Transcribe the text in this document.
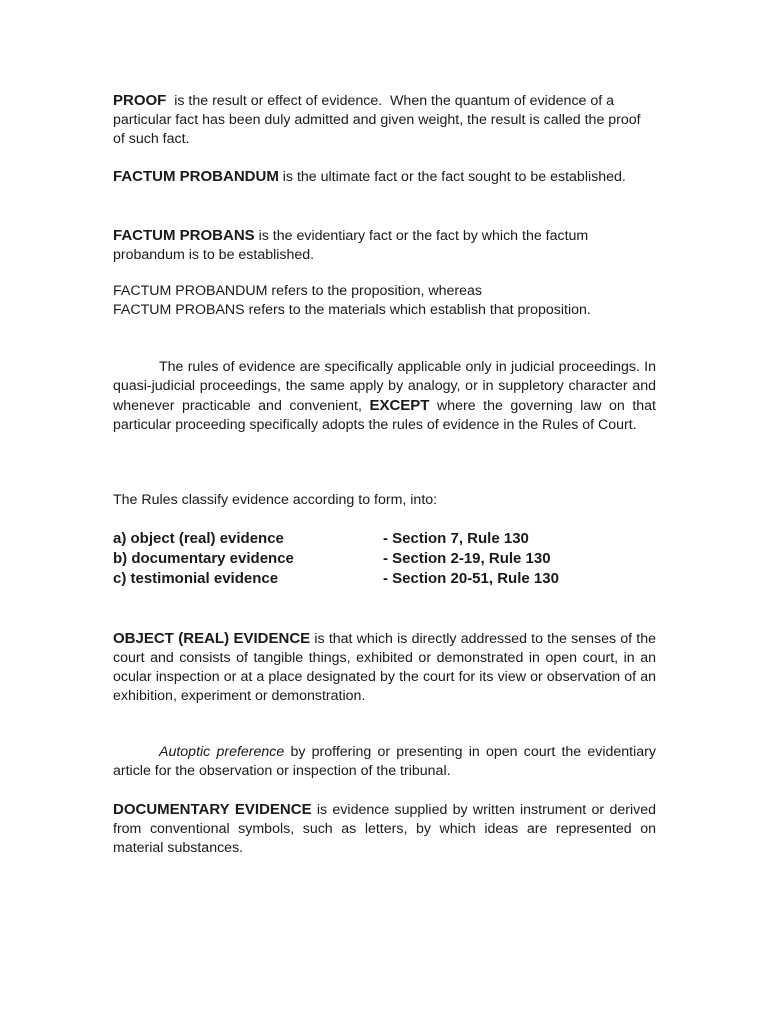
PROOF  is the result or effect of evidence.  When the quantum of evidence of a particular fact has been duly admitted and given weight, the result is called the proof of such fact.

FACTUM PROBANDUM is the ultimate fact or the fact sought to be established.

FACTUM PROBANS is the evidentiary fact or the fact by which the factum probandum is to be established.

FACTUM PROBANDUM refers to the proposition, whereas
FACTUM PROBANS refers to the materials which establish that proposition.

The rules of evidence are specifically applicable only in judicial proceedings. In quasi-judicial proceedings, the same apply by analogy, or in suppletory character and whenever practicable and convenient, EXCEPT where the governing law on that particular proceeding specifically adopts the rules of evidence in the Rules of Court.

The Rules classify evidence according to form, into:

a) object (real) evidence	- Section 7, Rule 130
b) documentary evidence	- Section 2-19, Rule 130
c) testimonial evidence	- Section 20-51, Rule 130

OBJECT (REAL) EVIDENCE is that which is directly addressed to the senses of the court and consists of tangible things, exhibited or demonstrated in open court, in an ocular inspection or at a place designated by the court for its view or observation of an exhibition, experiment or demonstration.

Autoptic preference by proffering or presenting in open court the evidentiary article for the observation or inspection of the tribunal.

DOCUMENTARY EVIDENCE is evidence supplied by written instrument or derived from conventional symbols, such as letters, by which ideas are represented on material substances.
